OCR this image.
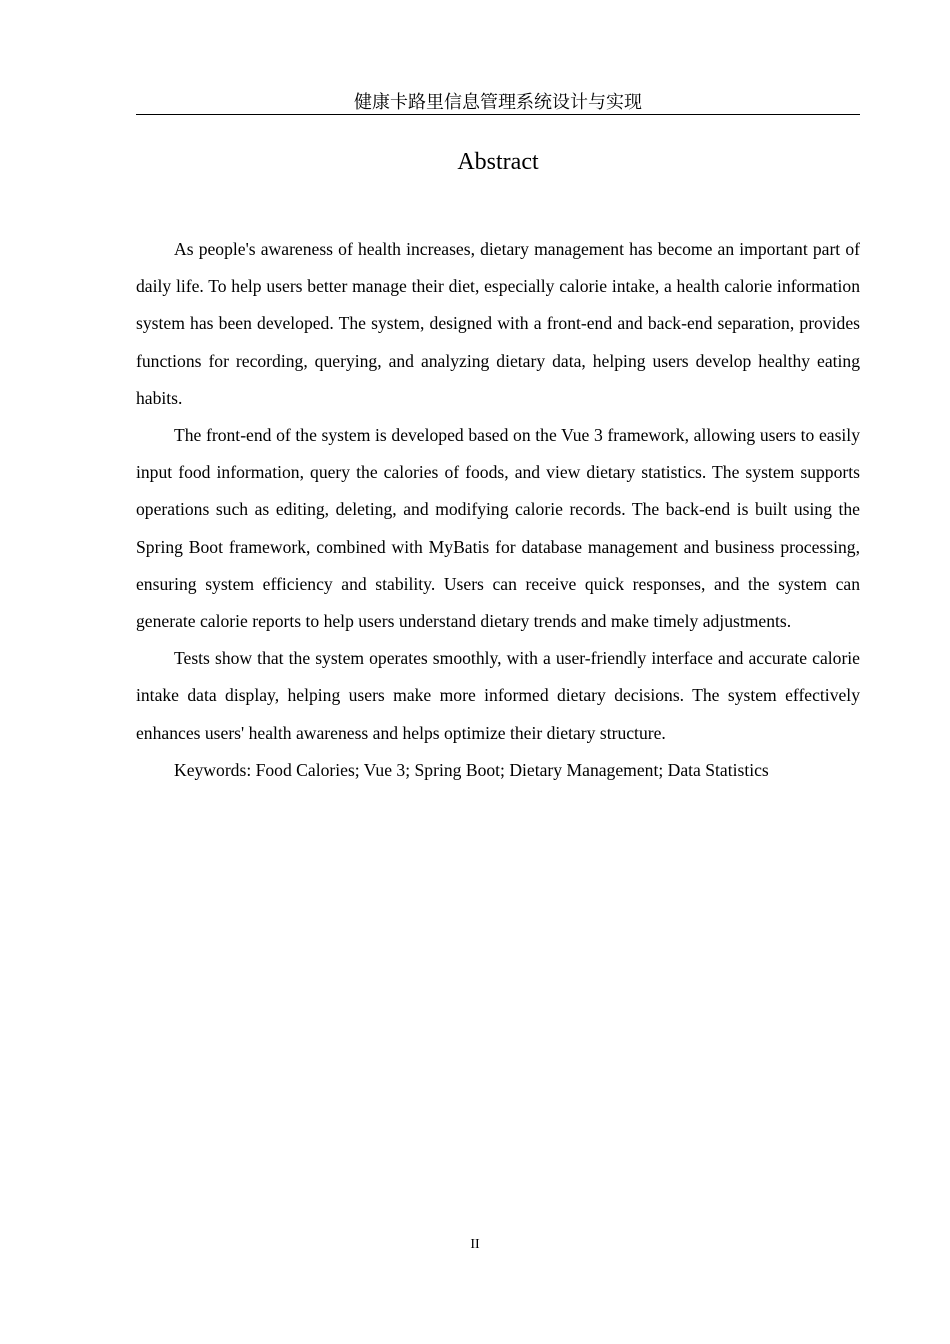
健康卡路里信息管理系统设计与实现
Abstract

As people's awareness of health increases, dietary management has become an important part of daily life. To help users better manage their diet, especially calorie intake, a health calorie information system has been developed. The system, designed with a front-end and back-end separation, provides functions for recording, querying, and analyzing dietary data, helping users develop healthy eating habits.

The front-end of the system is developed based on the Vue 3 framework, allowing users to easily input food information, query the calories of foods, and view dietary statistics. The system supports operations such as editing, deleting, and modifying calorie records. The back-end is built using the Spring Boot framework, combined with MyBatis for database management and business processing, ensuring system efficiency and stability. Users can receive quick responses, and the system can generate calorie reports to help users understand dietary trends and make timely adjustments.

Tests show that the system operates smoothly, with a user-friendly interface and accurate calorie intake data display, helping users make more informed dietary decisions. The system effectively enhances users' health awareness and helps optimize their dietary structure.

Keywords: Food Calories; Vue 3; Spring Boot; Dietary Management; Data Statistics

II
